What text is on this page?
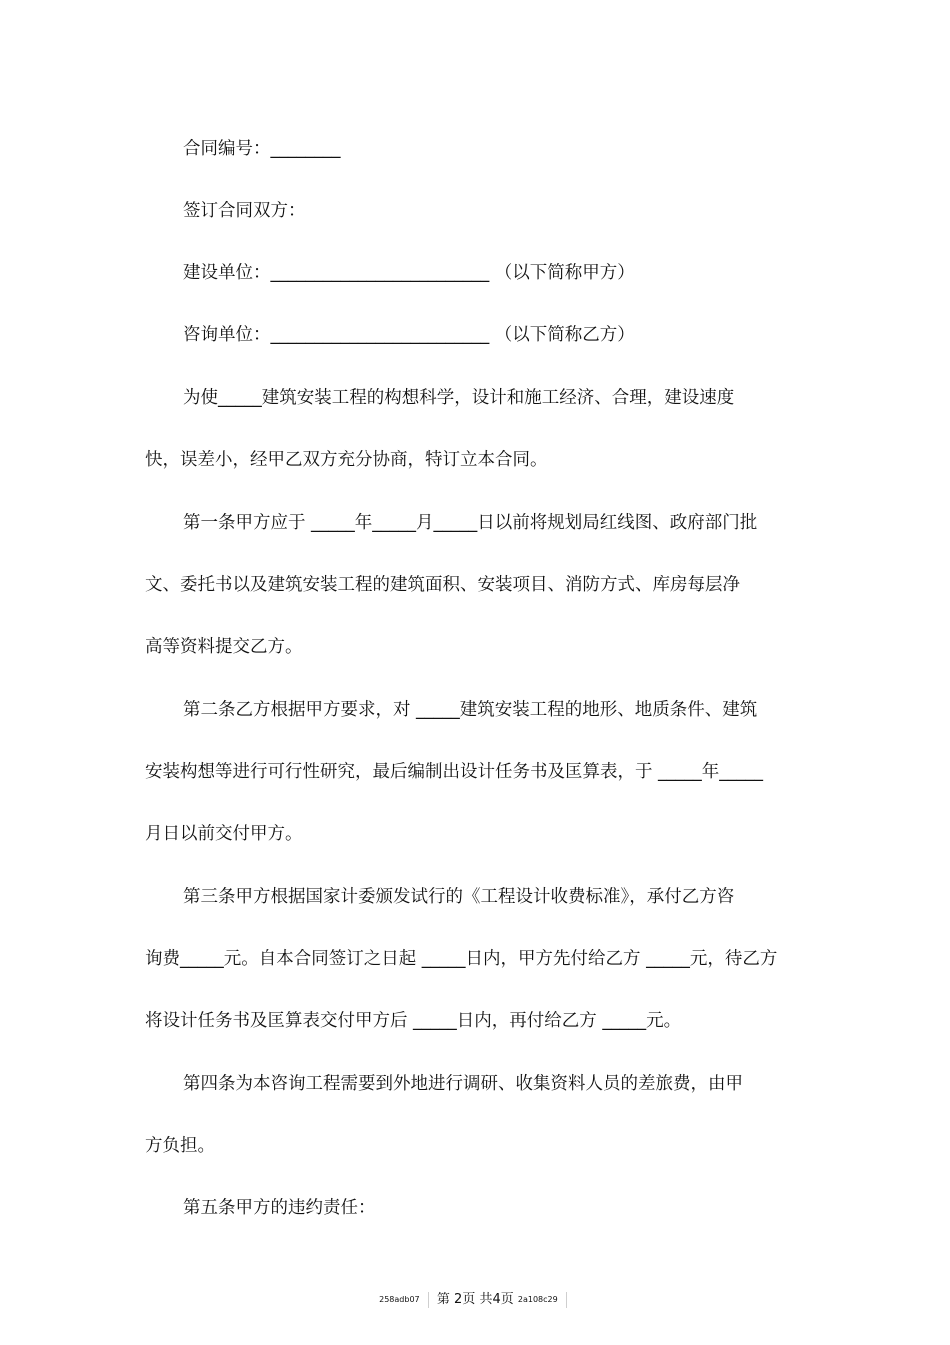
合同编号：________
签订合同双方：
建设单位：_________________________ （以下简称甲方）
咨询单位：_________________________ （以下简称乙方）
为使_____建筑安装工程的构想科学，设计和施工经济、合理，建设速度
快，误差小，经甲乙双方充分协商，特订立本合同。
第一条甲方应于 _____年_____月_____日以前将规划局红线图、政府部门批
文、委托书以及建筑安装工程的建筑面积、安装项目、消防方式、库房每层净
高等资料提交乙方。
第二条乙方根据甲方要求，对 _____建筑安装工程的地形、地质条件、建筑
安装构想等进行可行性研究，最后编制出设计任务书及匡算表，于 _____年_____
月日以前交付甲方。
第三条甲方根据国家计委颁发试行的《工程设计收费标准》，承付乙方咨
询费_____元。自本合同签订之日起 _____日内，甲方先付给乙方 _____元，待乙方
将设计任务书及匡算表交付甲方后 _____日内，再付给乙方 _____元。
第四条为本咨询工程需要到外地进行调研、收集资料人员的差旅费，由甲
方负担。
第五条甲方的违约责任：
258adb07 第 2页 共4页 2a108c29
